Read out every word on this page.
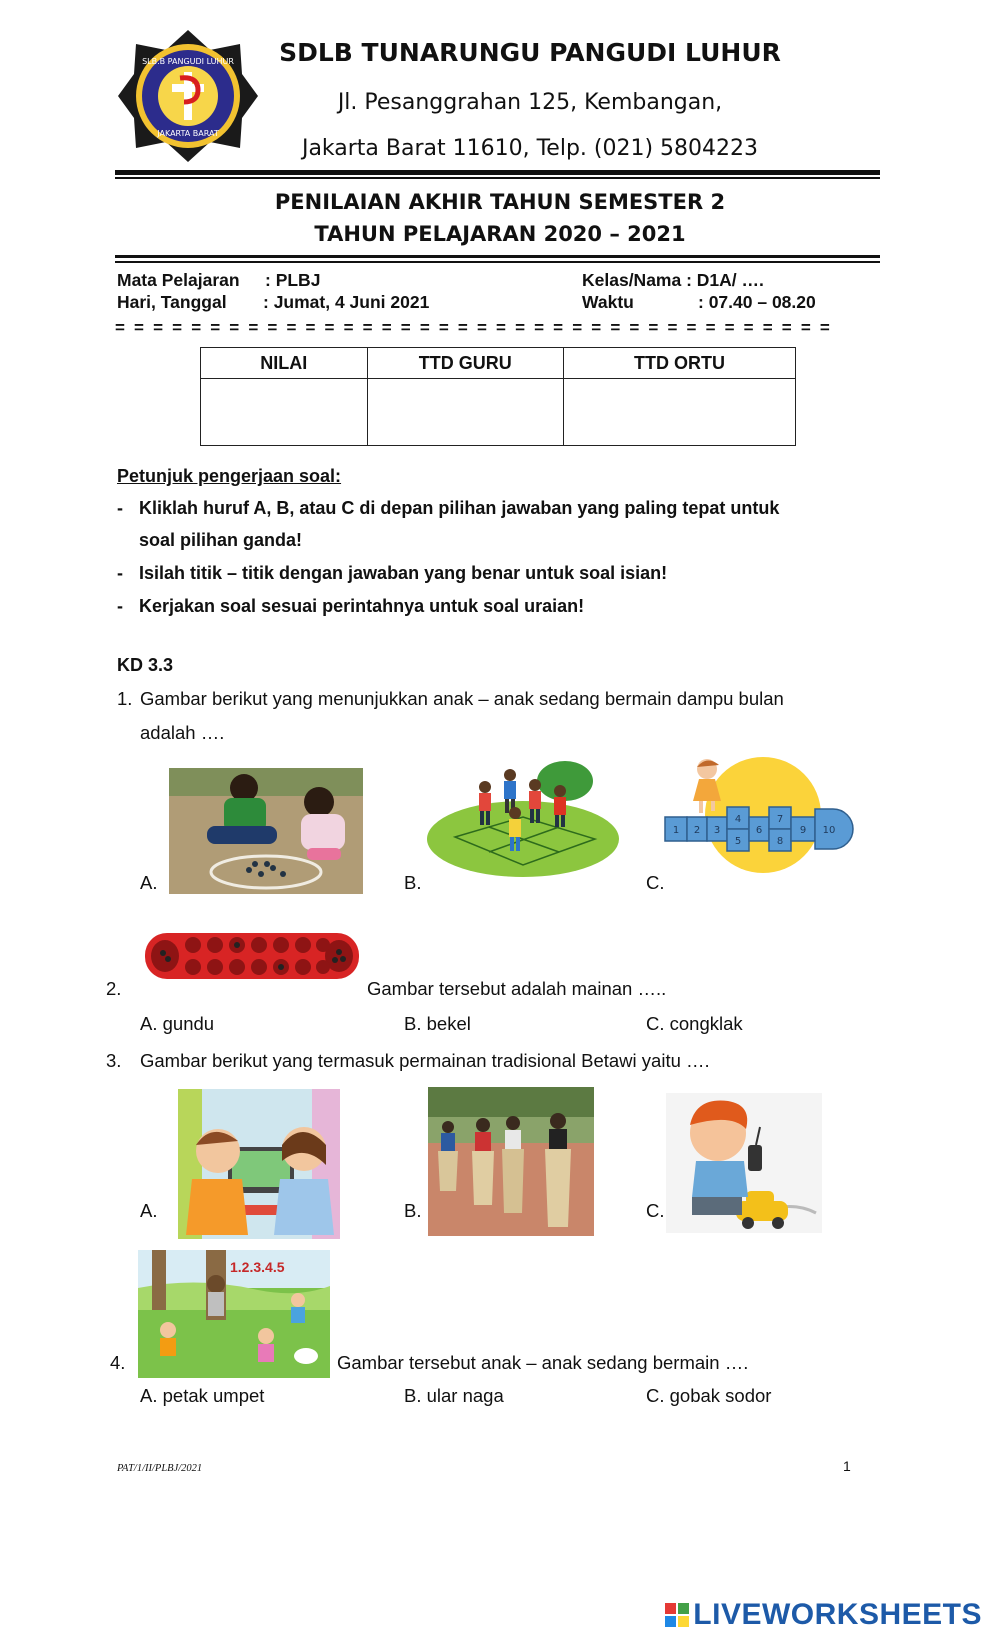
SLB.B PANGUDI LUHUR
JAKARTA BARAT
SDLB TUNARUNGU PANGUDI LUHUR
Jl. Pesanggrahan 125, Kembangan,
Jakarta Barat 11610, Telp. (021) 5804223
PENILAIAN AKHIR TAHUN SEMESTER 2
TAHUN PELAJARAN 2020 – 2021
Mata Pelajaran : PLBJ
Hari, Tanggal : Jumat, 4 Juni 2021
Kelas/Nama : D1A/ ….
Waktu	: 07.40 – 08.20
= = = = = = = = = = = = = = = = = = = = = = = = = = = = = = = = = = = = = =
NILAI	TTD GURU	TTD ORTU

Petunjuk pengerjaan soal:
- Kliklah huruf A, B, atau C di depan pilihan jawaban yang paling tepat untuk
soal pilihan ganda!
- Isilah titik – titik dengan jawaban yang benar untuk soal isian!
- Kerjakan soal sesuai perintahnya untuk soal uraian!
KD 3.3
1. Gambar berikut yang menunjukkan anak – anak sedang bermain dampu bulan
adalah ….
A.	B.
1 2 3
4
5
6
7
8
9 10
C.
2.	Gambar tersebut adalah mainan …..
A. gundu	B. bekel	C. congklak
3. Gambar berikut yang termasuk permainan tradisional Betawi yaitu ….
A.	B.	C.
1.2.3.4.5
4.	Gambar tersebut anak – anak sedang bermain ….
A. petak umpet	B. ular naga	C. gobak sodor
PAT/1/II/PLBJ/2021	1
LIVEWORKSHEETS
